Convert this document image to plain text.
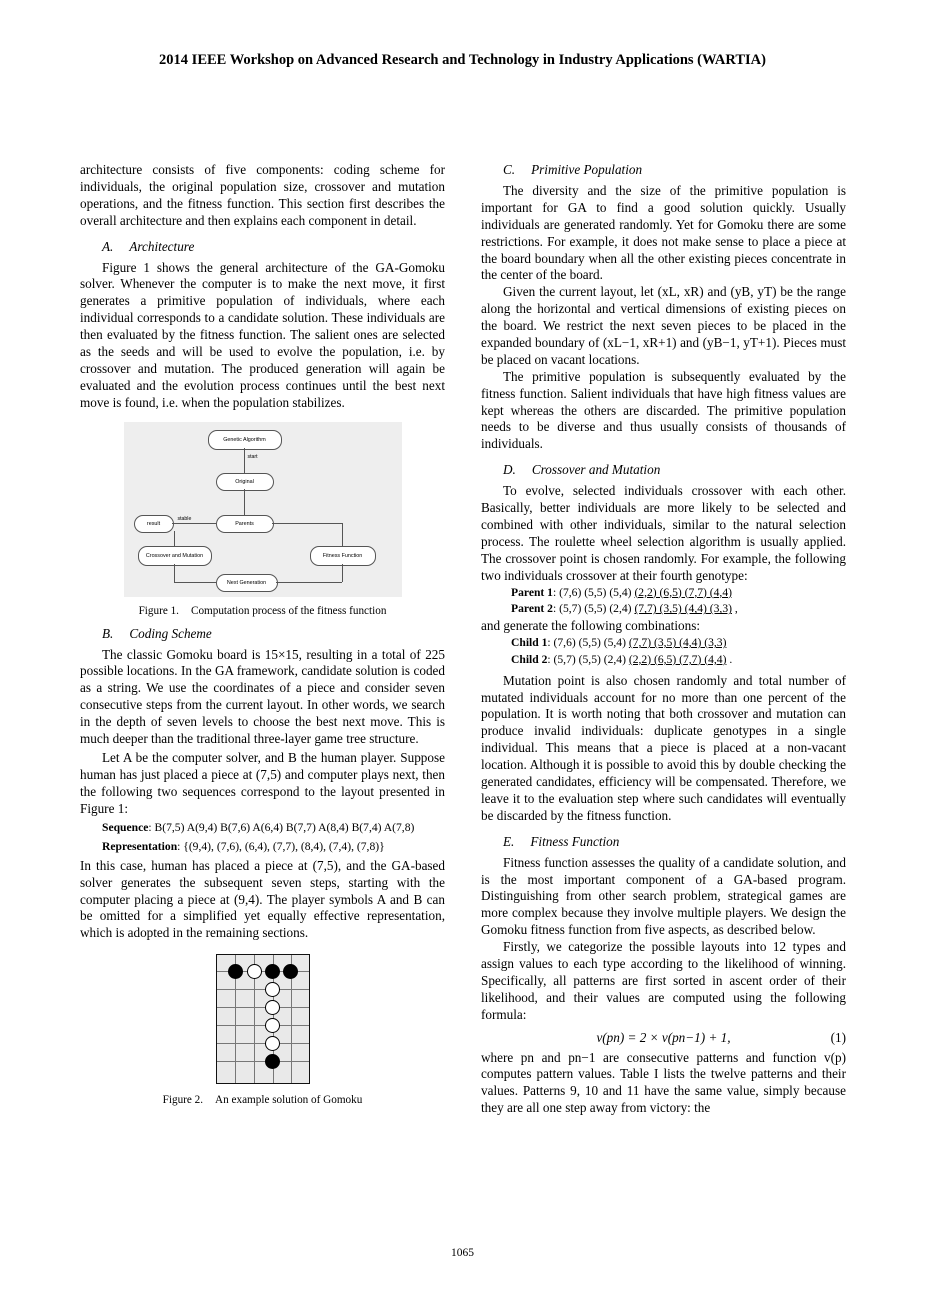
2014 IEEE Workshop on Advanced Research and Technology in Industry Applications (WARTIA)

architecture consists of five components: coding scheme for individuals, the original population size, crossover and mutation operations, and the fitness function. This section first describes the overall architecture and then explains each component in detail.

A. Architecture

Figure 1 shows the general architecture of the GA-Gomoku solver. Whenever the computer is to make the next move, it first generates a primitive population of individuals, where each individual corresponds to a candidate solution. These individuals are then evaluated by the fitness function. The salient ones are selected as the seeds and will be used to evolve the population, i.e. by crossover and mutation. The produced generation will again be evaluated and the evolution process continues until the best next move is found, i.e. when the population stabilizes.

Genetic Algorithm
start
Original
Parents
result
stable
Crossover and Mutation	Fitness Function
Next Generation
Figure 1. Computation process of the fitness function
B. Coding Scheme

The classic Gomoku board is 15×15, resulting in a total of 225 possible locations. In the GA framework, candidate solution is coded as a string. We use the coordinates of a piece and consider seven consecutive steps from the current layout. In other words, we search in the depth of seven levels to choose the best next move. This is much deeper than the traditional three-layer game tree structure.

Let A be the computer solver, and B the human player. Suppose human has just placed a piece at (7,5) and computer plays next, then the following two sequences correspond to the layout presented in Figure 1:

Sequence: B(7,5) A(9,4) B(7,6) A(6,4) B(7,7) A(8,4) B(7,4) A(7,8)
Representation: {(9,4), (7,6), (6,4), (7,7), (8,4), (7,4), (7,8)}

In this case, human has placed a piece at (7,5), and the GA-based solver generates the subsequent seven steps, starting with the computer placing a piece at (9,4). The player symbols A and B can be omitted for a simplified yet equally effective representation, which is adopted in the remaining sections.

Figure 2. An example solution of Gomoku
C. Primitive Population

The diversity and the size of the primitive population is important for GA to find a good solution quickly. Usually individuals are generated randomly. Yet for Gomoku there are some restrictions. For example, it does not make sense to place a piece at the board boundary when all the other existing pieces concentrate in the center of the board.

Given the current layout, let (xL, xR) and (yB, yT) be the range along the horizontal and vertical dimensions of existing pieces on the board. We restrict the next seven pieces to be placed in the expanded boundary of (xL−1, xR+1) and (yB−1, yT+1). Pieces must be placed on vacant locations.

The primitive population is subsequently evaluated by the fitness function. Salient individuals that have high fitness values are kept whereas the others are discarded. The primitive population needs to be diverse and thus usually consists of thousands of individuals.

D. Crossover and Mutation

To evolve, selected individuals crossover with each other. Basically, better individuals are more likely to be selected and combined with other individuals, similar to the natural selection process. The roulette wheel selection algorithm is usually applied. The crossover point is chosen randomly. For example, the following two individuals crossover at their fourth genotype:

Parent 1: (7,6) (5,5) (5,4) (2,2) (6,5) (7,7) (4,4)
Parent 2: (5,7) (5,5) (2,4) (7,7) (3,5) (4,4) (3,3) ,

and generate the following combinations:

Child 1: (7,6) (5,5) (5,4) (7,7) (3,5) (4,4) (3,3)
Child 2: (5,7) (5,5) (2,4) (2,2) (6,5) (7,7) (4,4) .

Mutation point is also chosen randomly and total number of mutated individuals account for no more than one percent of the population. It is worth noting that both crossover and mutation can produce invalid individuals: duplicate genotypes in a single individual. This means that a piece is placed at a non-vacant location. Although it is possible to avoid this by double checking the generated candidates, efficiency will be compensated. Therefore, we leave it to the evaluation step where such candidates will eventually be discarded by the fitness function.

E. Fitness Function

Fitness function assesses the quality of a candidate solution, and is the most important component of a GA-based program. Distinguishing from other search problem, strategical games are more complex because they involve multiple players. We design the Gomoku fitness function from five aspects, as described below.

Firstly, we categorize the possible layouts into 12 types and assign values to each type according to the likelihood of winning. Specifically, all patterns are first sorted in ascent order of their likelihood, and their values are computed using the following formula:

v(pn) = 2 × v(pn−1) + 1,	(1)

where pn and pn−1 are consecutive patterns and function v(p) computes pattern values. Table I lists the twelve patterns and their values. Patterns 9, 10 and 11 have the same value, simply because they are all one step away from victory: the

1065
